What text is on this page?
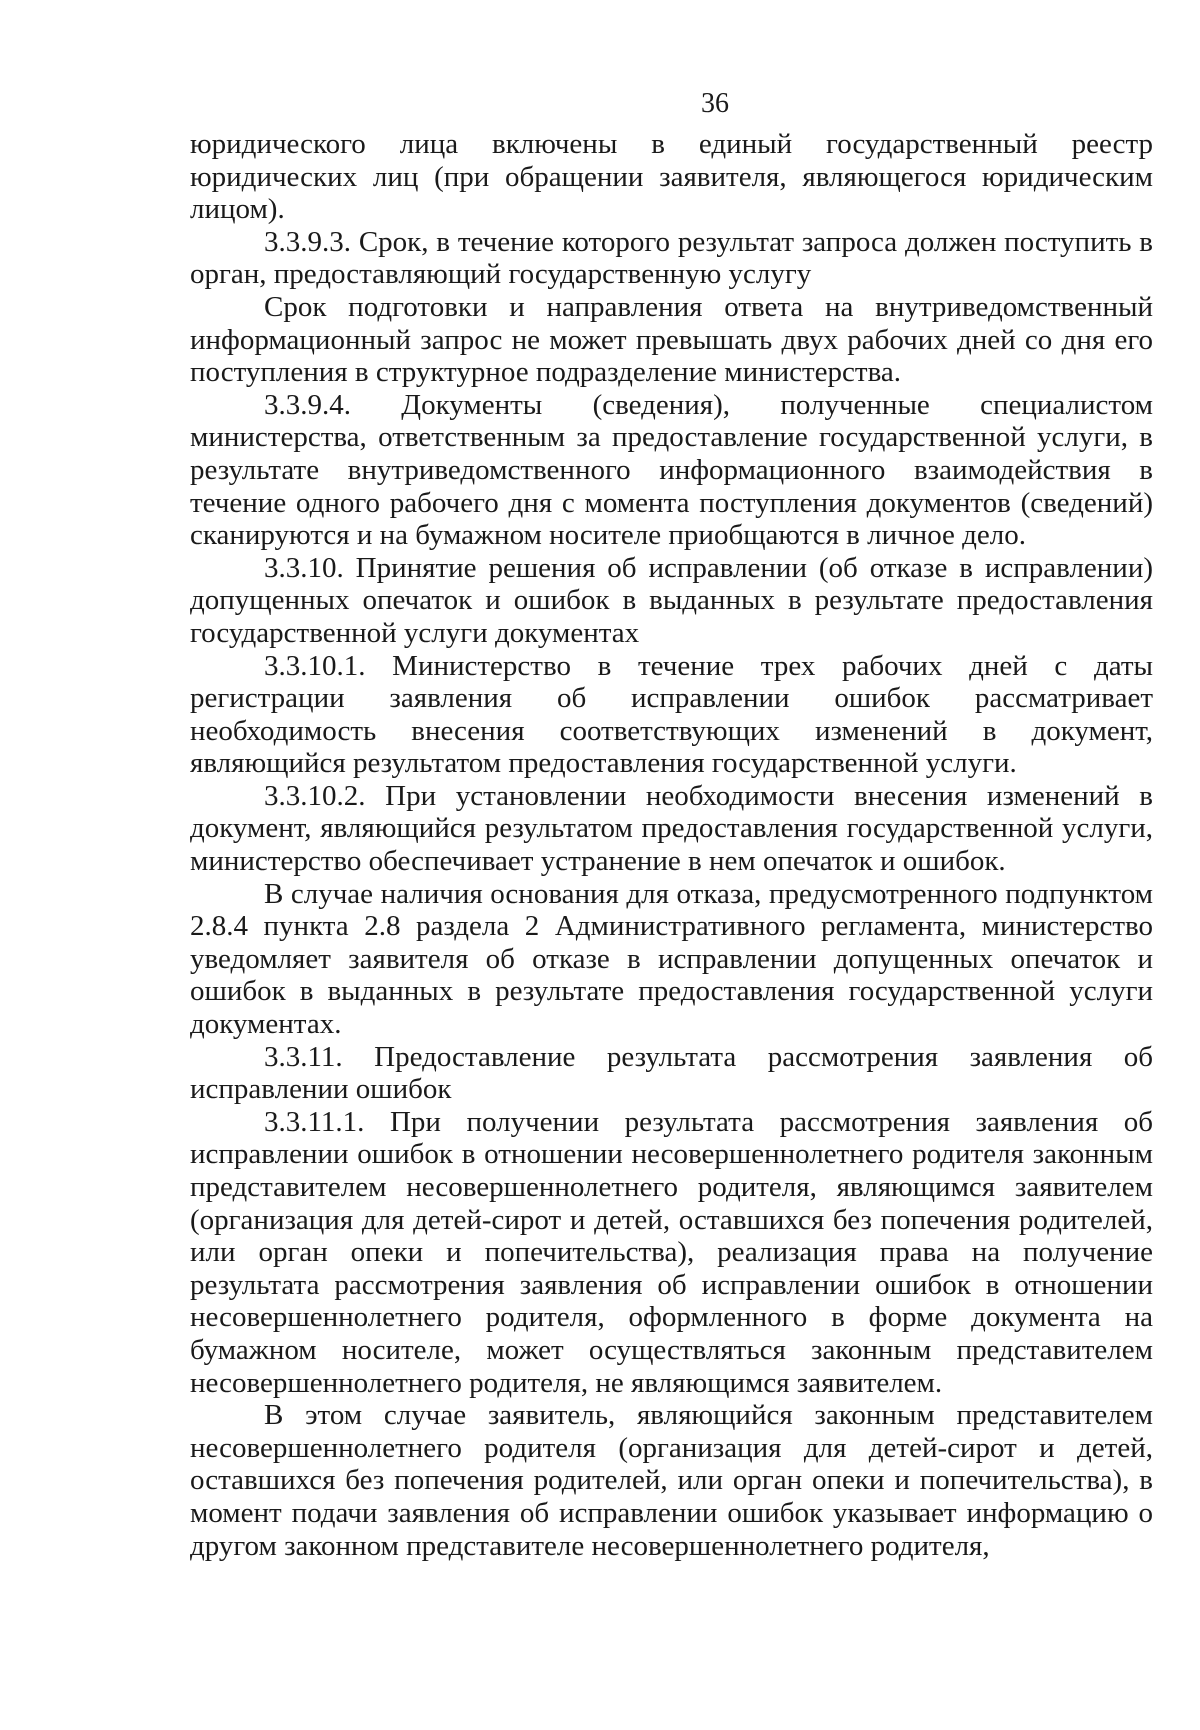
36

юридического лица включены в единый государственный реестр юридических лиц (при обращении заявителя, являющегося юридическим лицом).

3.3.9.3. Срок, в течение которого результат запроса должен поступить в орган, предоставляющий государственную услугу

Срок подготовки и направления ответа на внутриведомственный информационный запрос не может превышать двух рабочих дней со дня его поступления в структурное подразделение министерства.

3.3.9.4. Документы (сведения), полученные специалистом министерства, ответственным за предоставление государственной услуги, в результате внутриведомственного информационного взаимодействия в течение одного рабочего дня с момента поступления документов (сведений) сканируются и на бумажном носителе приобщаются в личное дело.

3.3.10. Принятие решения об исправлении (об отказе в исправлении) допущенных опечаток и ошибок в выданных в результате предоставления государственной услуги документах

3.3.10.1. Министерство в течение трех рабочих дней с даты регистрации заявления об исправлении ошибок рассматривает необходимость внесения соответствующих изменений в документ, являющийся результатом предоставления государственной услуги.

3.3.10.2. При установлении необходимости внесения изменений в документ, являющийся результатом предоставления государственной услуги, министерство обеспечивает устранение в нем опечаток и ошибок.

В случае наличия основания для отказа, предусмотренного подпунктом 2.8.4 пункта 2.8 раздела 2 Административного регламента, министерство уведомляет заявителя об отказе в исправлении допущенных опечаток и ошибок в выданных в результате предоставления государственной услуги документах.

3.3.11. Предоставление результата рассмотрения заявления об исправлении ошибок

3.3.11.1. При получении результата рассмотрения заявления об исправлении ошибок в отношении несовершеннолетнего родителя законным представителем несовершеннолетнего родителя, являющимся заявителем (организация для детей-сирот и детей, оставшихся без попечения родителей, или орган опеки и попечительства), реализация права на получение результата рассмотрения заявления об исправлении ошибок в отношении несовершеннолетнего родителя, оформленного в форме документа на бумажном носителе, может осуществляться законным представителем несовершеннолетнего родителя, не являющимся заявителем.

В этом случае заявитель, являющийся законным представителем несовершеннолетнего родителя (организация для детей-сирот и детей, оставшихся без попечения родителей, или орган опеки и попечительства), в момент подачи заявления об исправлении ошибок указывает информацию о другом законном представителе несовершеннолетнего родителя,
